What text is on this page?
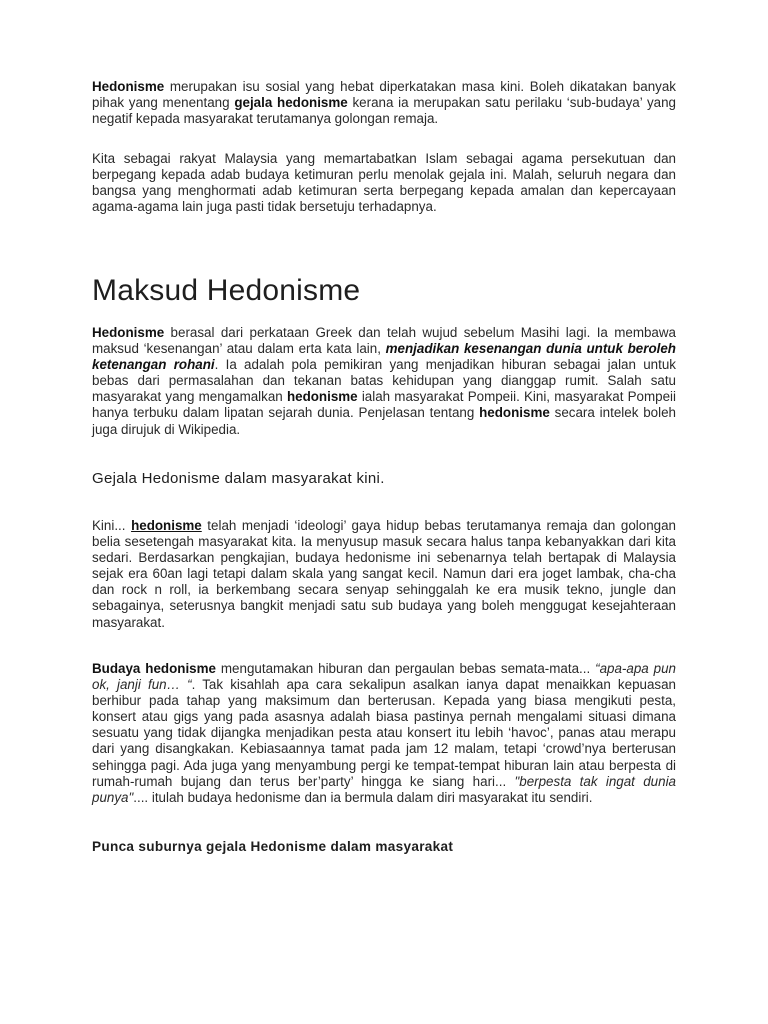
Hedonisme merupakan isu sosial yang hebat diperkatakan masa kini. Boleh dikatakan banyak pihak yang menentang gejala hedonisme kerana ia merupakan satu perilaku ‘sub-budaya’ yang negatif kepada masyarakat terutamanya golongan remaja.

Kita sebagai rakyat Malaysia yang memartabatkan Islam sebagai agama persekutuan dan berpegang kepada adab budaya ketimuran perlu menolak gejala ini. Malah, seluruh negara dan bangsa yang menghormati adab ketimuran serta berpegang kepada amalan dan kepercayaan agama-agama lain juga pasti tidak bersetuju terhadapnya.

Maksud Hedonisme

Hedonisme berasal dari perkataan Greek dan telah wujud sebelum Masihi lagi. Ia membawa maksud ‘kesenangan’ atau dalam erta kata lain, menjadikan kesenangan dunia untuk beroleh ketenangan rohani. Ia adalah pola pemikiran yang menjadikan hiburan sebagai jalan untuk bebas dari permasalahan dan tekanan batas kehidupan yang dianggap rumit. Salah satu masyarakat yang mengamalkan hedonisme ialah masyarakat Pompeii. Kini, masyarakat Pompeii hanya terbuku dalam lipatan sejarah dunia. Penjelasan tentang hedonisme secara intelek boleh juga dirujuk di Wikipedia.

Gejala Hedonisme dalam masyarakat kini.

Kini... hedonisme telah menjadi ‘ideologi’ gaya hidup bebas terutamanya remaja dan golongan belia sesetengah masyarakat kita. Ia menyusup masuk secara halus tanpa kebanyakkan dari kita sedari. Berdasarkan pengkajian, budaya hedonisme ini sebenarnya telah bertapak di Malaysia sejak era 60an lagi tetapi dalam skala yang sangat kecil. Namun dari era joget lambak, cha-cha dan rock n roll, ia berkembang secara senyap sehinggalah ke era musik tekno, jungle dan sebagainya, seterusnya bangkit menjadi satu sub budaya yang boleh menggugat kesejahteraan masyarakat.

Budaya hedonisme mengutamakan hiburan dan pergaulan bebas semata-mata... “apa-apa pun ok, janji fun… “. Tak kisahlah apa cara sekalipun asalkan ianya dapat menaikkan kepuasan berhibur pada tahap yang maksimum dan berterusan. Kepada yang biasa mengikuti pesta, konsert atau gigs yang pada asasnya adalah biasa pastinya pernah mengalami situasi dimana sesuatu yang tidak dijangka menjadikan pesta atau konsert itu lebih ‘havoc’, panas atau merapu dari yang disangkakan. Kebiasaannya tamat pada jam 12 malam, tetapi ‘crowd’nya berterusan sehingga pagi. Ada juga yang menyambung pergi ke tempat-tempat hiburan lain atau berpesta di rumah-rumah bujang dan terus ber’party’ hingga ke siang hari... "berpesta tak ingat dunia punya".... itulah budaya hedonisme dan ia bermula dalam diri masyarakat itu sendiri.

Punca suburnya gejala Hedonisme dalam masyarakat
